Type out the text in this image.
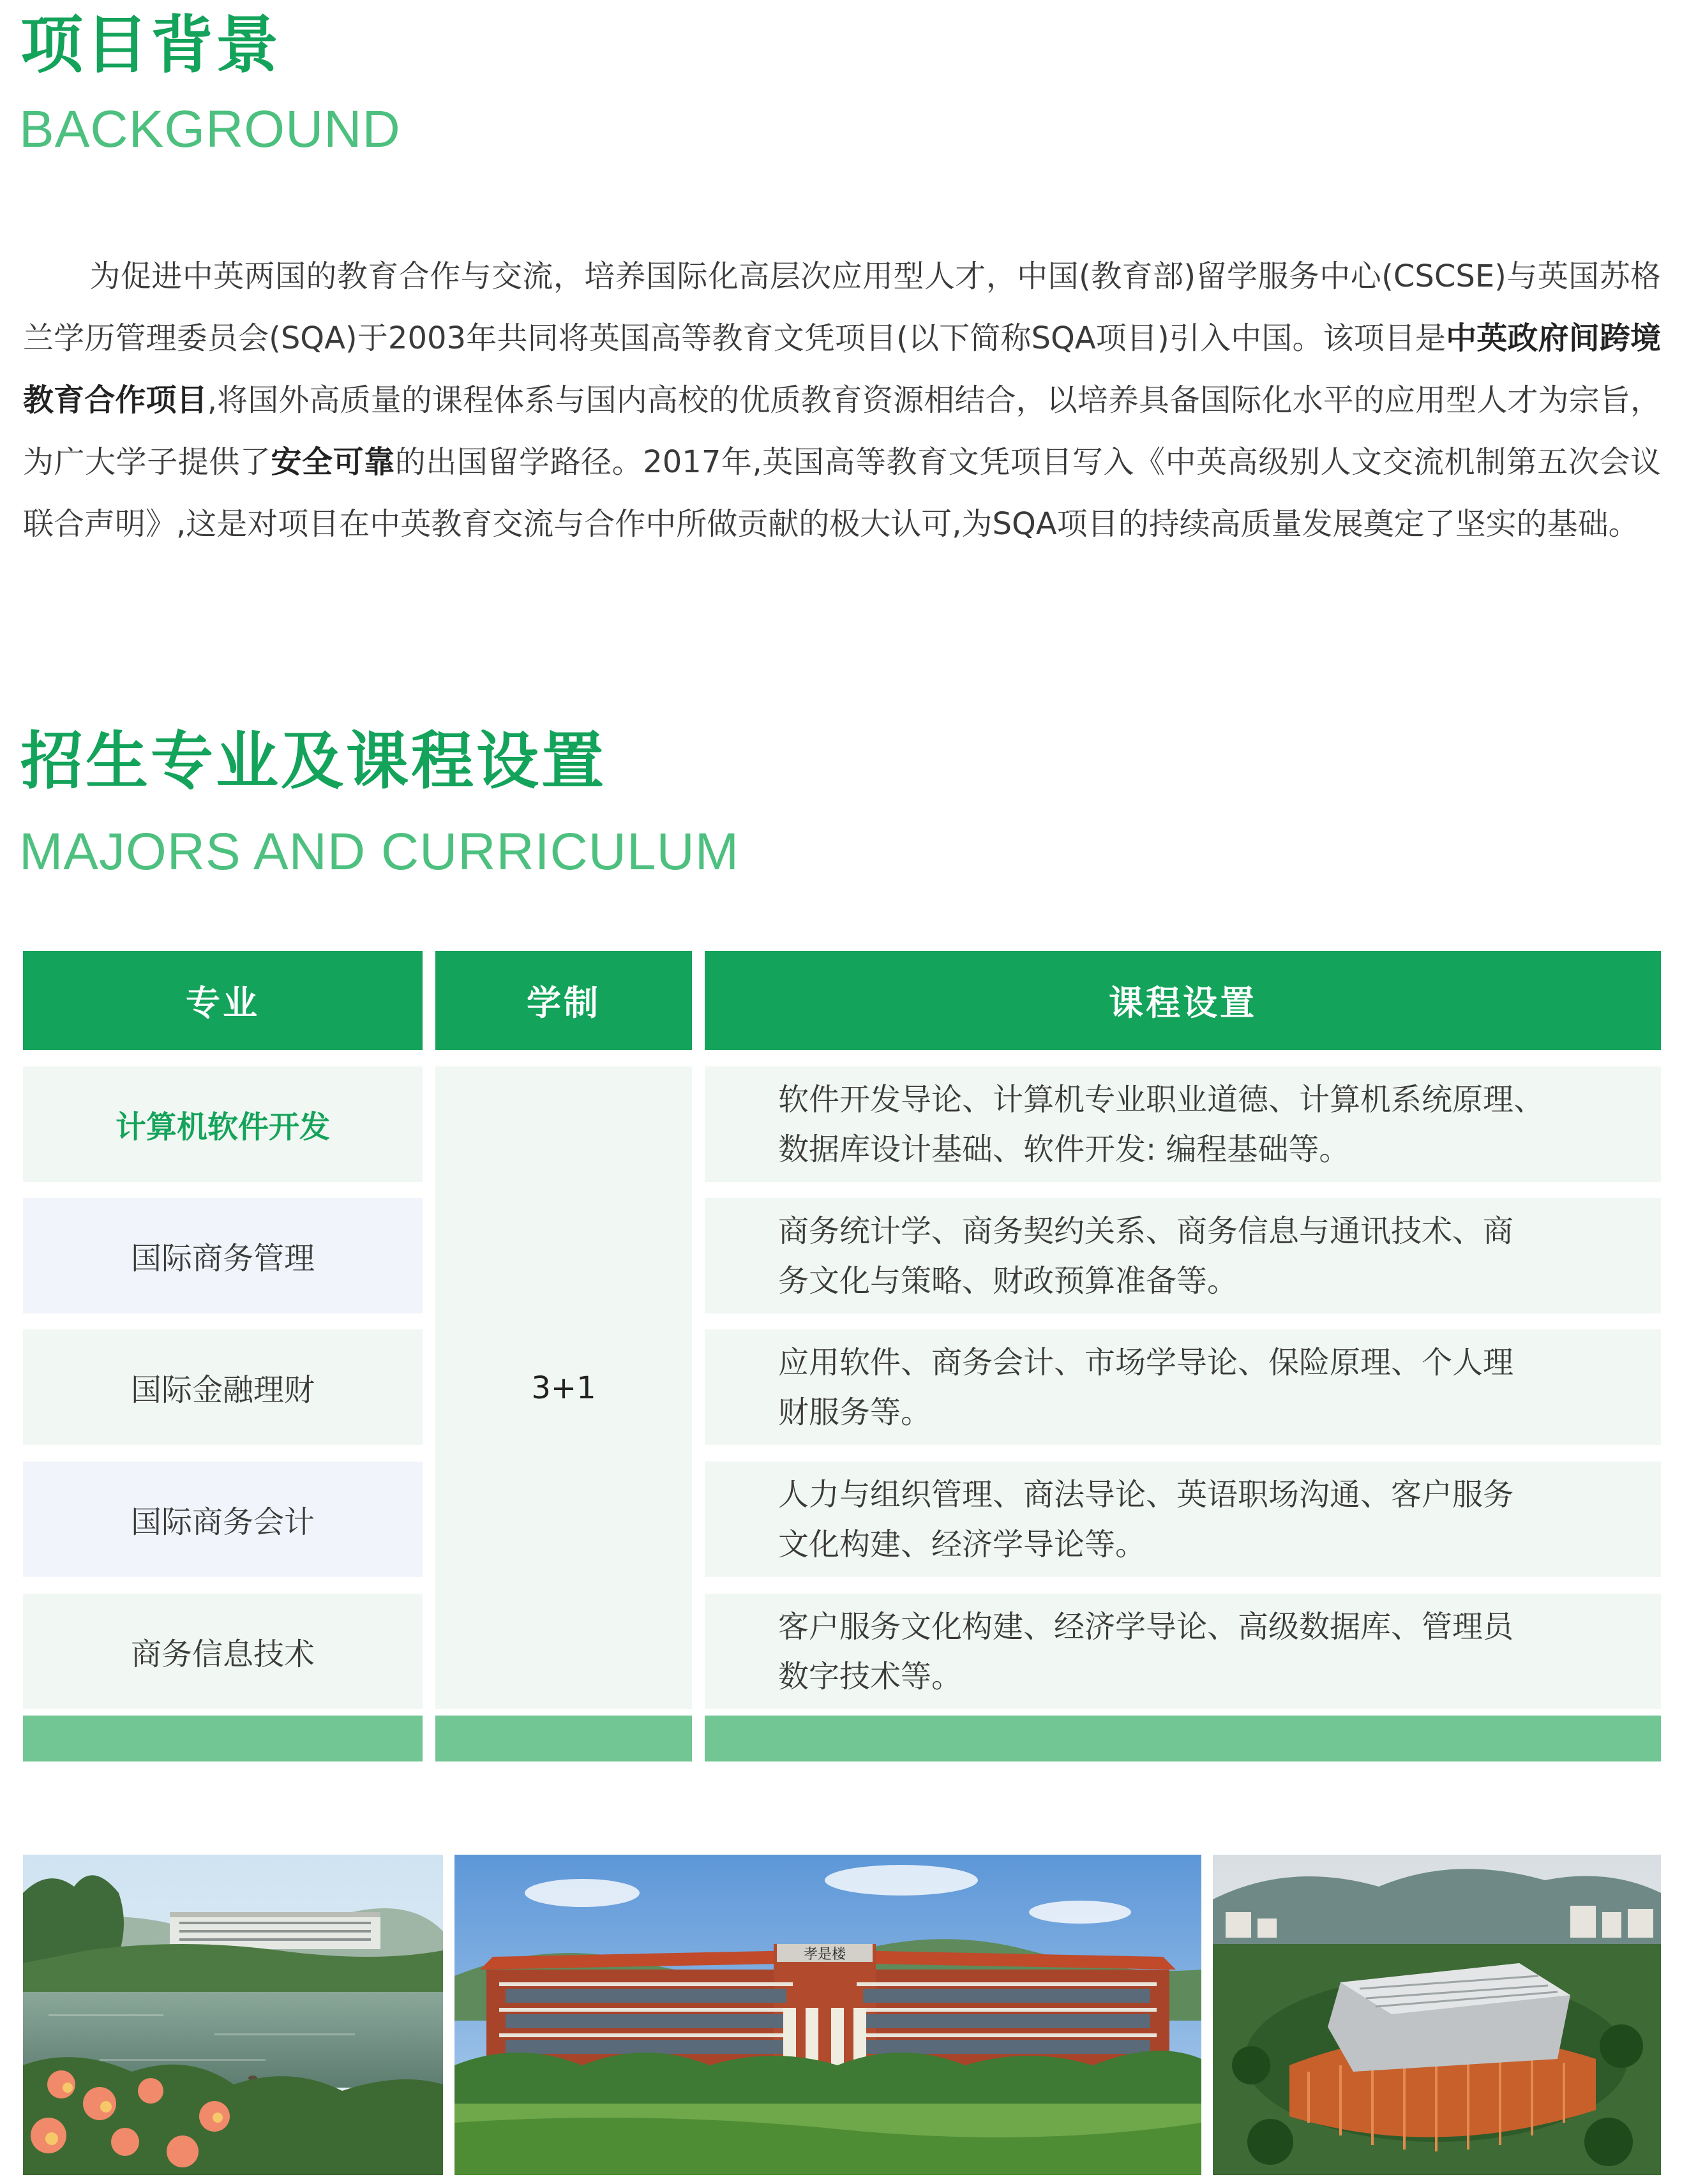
项目背景
BACKGROUND
为促进中英两国的教育合作与交流，培养国际化高层次应用型人才，中国(教育部)留学服务中心(CSCSE)与英国苏格兰学历管理委员会(SQA)于2003年共同将英国高等教育文凭项目(以下简称SQA项目)引入中国。该项目是中英政府间跨境教育合作项目,将国外高质量的课程体系与国内高校的优质教育资源相结合，以培养具备国际化水平的应用型人才为宗旨，为广大学子提供了安全可靠的出国留学路径。2017年,英国高等教育文凭项目写入《中英高级别人文交流机制第五次会议联合声明》,这是对项目在中英教育交流与合作中所做贡献的极大认可,为SQA项目的持续高质量发展奠定了坚实的基础。
招生专业及课程设置
MAJORS AND CURRICULUM
专业	学制	课程设置
计算机软件开发
国际商务管理
国际金融理财
国际商务会计
商务信息技术
3+1
软件开发导论、计算机专业职业道德、计算机系统原理、
数据库设计基础、软件开发: 编程基础等。
商务统计学、商务契约关系、商务信息与通讯技术、商
务文化与策略、财政预算准备等。
应用软件、商务会计、市场学导论、保险原理、个人理
财服务等。
人力与组织管理、商法导论、英语职场沟通、客户服务
文化构建、经济学导论等。
客户服务文化构建、经济学导论、高级数据库、管理员
数字技术等。
孝是楼
